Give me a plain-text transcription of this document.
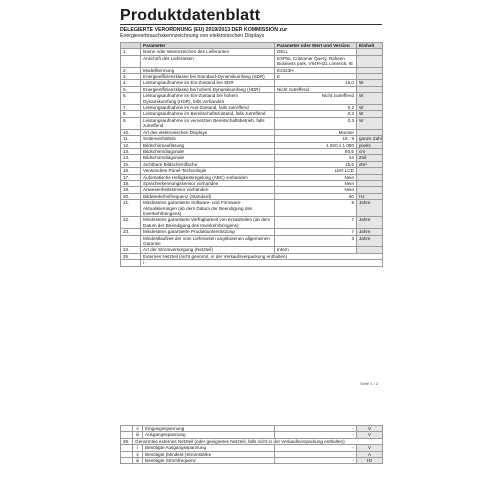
Produktdatenblatt
DELEGIERTE VERORDNUNG (EU) 2019/2013 DER KOMMISSION zur
Energieverbrauchskennzeichnung von elektronischen Displays
	Parameter	Parameter oder Wert und Version	Einheit
1.	Name oder Warenzeichen des Lieferanten	DELL	
	Anschrift des Lieferanten	EXPEL Customer Query, Raheen Business park, V94FH21 Limerick, IE	
2.	Modellkennung	E2423H	
3.	Energieeffizienzklasse bei Standard-Dynamikumfang (SDR)	E	
4.	Leistungsaufnahme im Ein-Zustand bei SDR	16,0	W
5.	Energieeffizienzklasse bei hohem Dynamikumfang (HDR)	Nicht zutreffend	
6.	Leistungsaufnahme im Ein-Zustand bei hohem Dynamikumfang (HDR), falls vorhanden	Nicht zutreffend	W
7.	Leistungsaufnahme im Aus-Zustand, falls zutreffend	0,3	W
8.	Leistungsaufnahme im Bereitschaftszustand, falls zutreffend	0,3	W
9.	Leistungsaufnahme im vernetzten Bereitschaftsbetrieb, falls zutreffend	0,3	W
10.	Art des elektronischen Displays	Monitor	
11.	Seitenverhältnis	16 : 9	ganze Zahl
12.	Bildschirmauflösung	1 920 x 1 080	pixels
13.	Bildschirmdiagonale	60,5	cm
14.	Bildschirmdiagonale	24	Zoll
15.	Sichtbare Bildschirmfläche	15,6	dm²
16.	Verwendete Panel-Technologie	LED LCD	
17.	Automatische Helligkeitsregelung (ABC) vorhanden	Nein	
18.	Spracherkennungssensor vorhanden	Nein	
19.	Anwesenheitssensor vorhanden	Nein	
20.	Bildwiederholfrequenz (Standard)	60	Hz
21.	Mindestens garantierte Software- und Firmware-Aktualisierungen (ab dem Datum der Beendigung des Inverkehrbringens)	8	Jahre
22.	Mindestens garantierte Verfügbarkeit von Ersatzteilen (ab dem Datum der Beendigung des Inverkehrbringens)	7	Jahre
23.	Mindestens garantierte Produktunterstützung	7	Jahre
	Mindestlaufzeit der vom Lieferanten angebotenen allgemeinen Garantie	3	Jahre
24.	Art der Stromversorgung (Netzteil)	Intern	
25.	Externes Netzteil (nicht genormt, in der Verkaufsverpackung enthalten)		
	i -		
Seite 1 / 2
	ii	Eingangsspannung	-	V
	iii	Ausgangsspannung	-	V
26.	Genormtes externes Netzteil (oder geeignetes Netzteil, falls nicht in der Verkaufsverpackung enthalten)			
	i	Benötigte Ausgangsspannung	-	V
	ii	Benötigte (Mindest-)Stromstärke	-	A
	iii	Benötigte Stromfrequenz	-	Hz
